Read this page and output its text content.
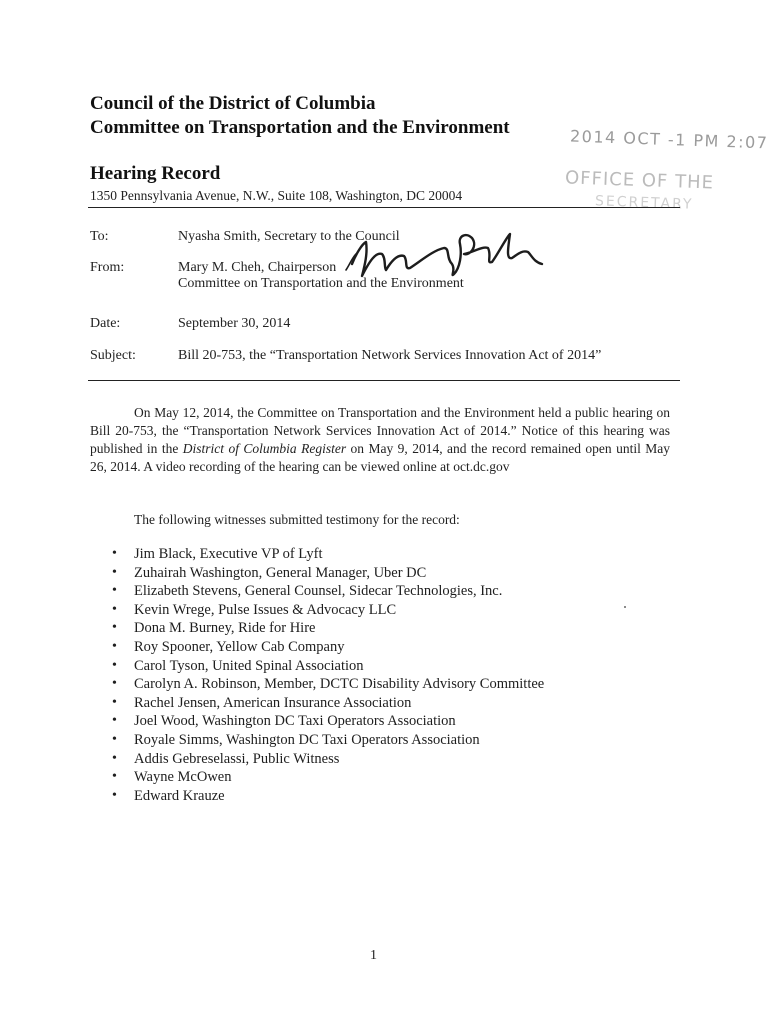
Council of the District of Columbia
Committee on Transportation and the Environment	2014 OCT -1 PM 2:07
OFFICE OF THE
SECRETARY
Hearing Record
1350 Pennsylvania Avenue, N.W., Suite 108, Washington, DC 20004
To:	Nyasha Smith, Secretary to the Council
From:	Mary M. Cheh, Chairperson
Committee on Transportation and the Environment
Date:	September 30, 2014
Subject:	Bill 20-753, the “Transportation Network Services Innovation Act of 2014”
On May 12, 2014, the Committee on Transportation and the Environment held a public hearing on Bill 20-753, the “Transportation Network Services Innovation Act of 2014.” Notice of this hearing was published in the District of Columbia Register on May 9, 2014, and the record remained open until May 26, 2014. A video recording of the hearing can be viewed online at oct.dc.gov
The following witnesses submitted testimony for the record:
• Jim Black, Executive VP of Lyft
• Zuhairah Washington, General Manager, Uber DC
• Elizabeth Stevens, General Counsel, Sidecar Technologies, Inc.
• Kevin Wrege, Pulse Issues & Advocacy LLC
• Dona M. Burney, Ride for Hire
• Roy Spooner, Yellow Cab Company
• Carol Tyson, United Spinal Association
• Carolyn A. Robinson, Member, DCTC Disability Advisory Committee
• Rachel Jensen, American Insurance Association
• Joel Wood, Washington DC Taxi Operators Association
• Royale Simms, Washington DC Taxi Operators Association
• Addis Gebreselassi, Public Witness
• Wayne McOwen
• Edward Krauze
1
